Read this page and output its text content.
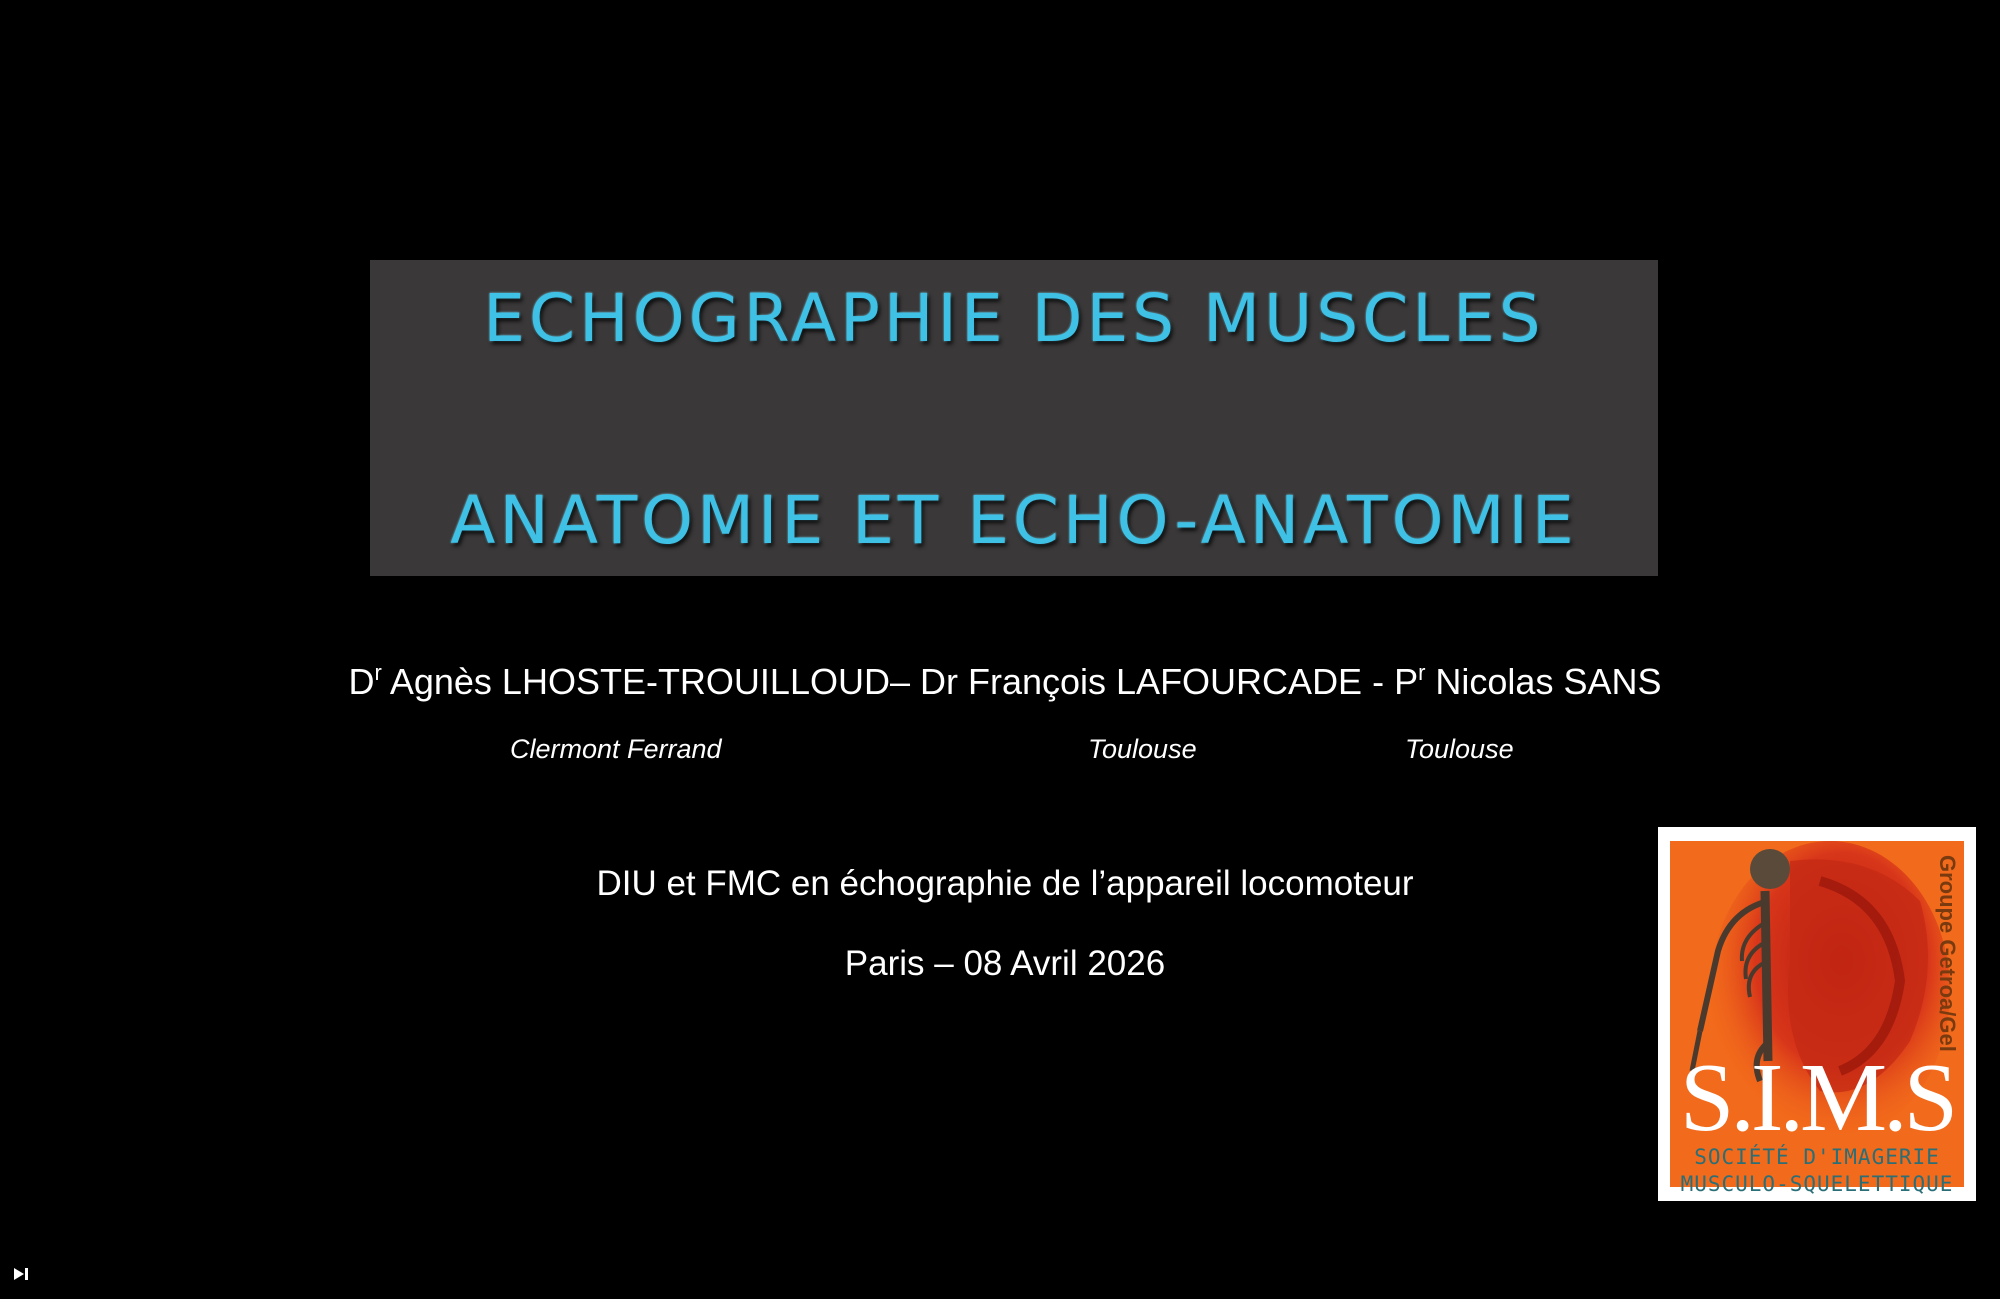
ECHOGRAPHIE DES MUSCLES
ANATOMIE ET ECHO-ANATOMIE
$D^r$ Agnès LHOSTE-TROUILLOUD– Dr François LAFOURCADE - $P^r$ Nicolas SANS
Clermont Ferrand	Toulouse	Toulouse
DIU et FMC en échographie de l’appareil locomoteur
Paris – 08 Avril 2026	Groupe Getroa/Gel
S.I.M.S
SOCIÉTÉ D'IMAGERIE
MUSCULO-SQUELETTIQUE
